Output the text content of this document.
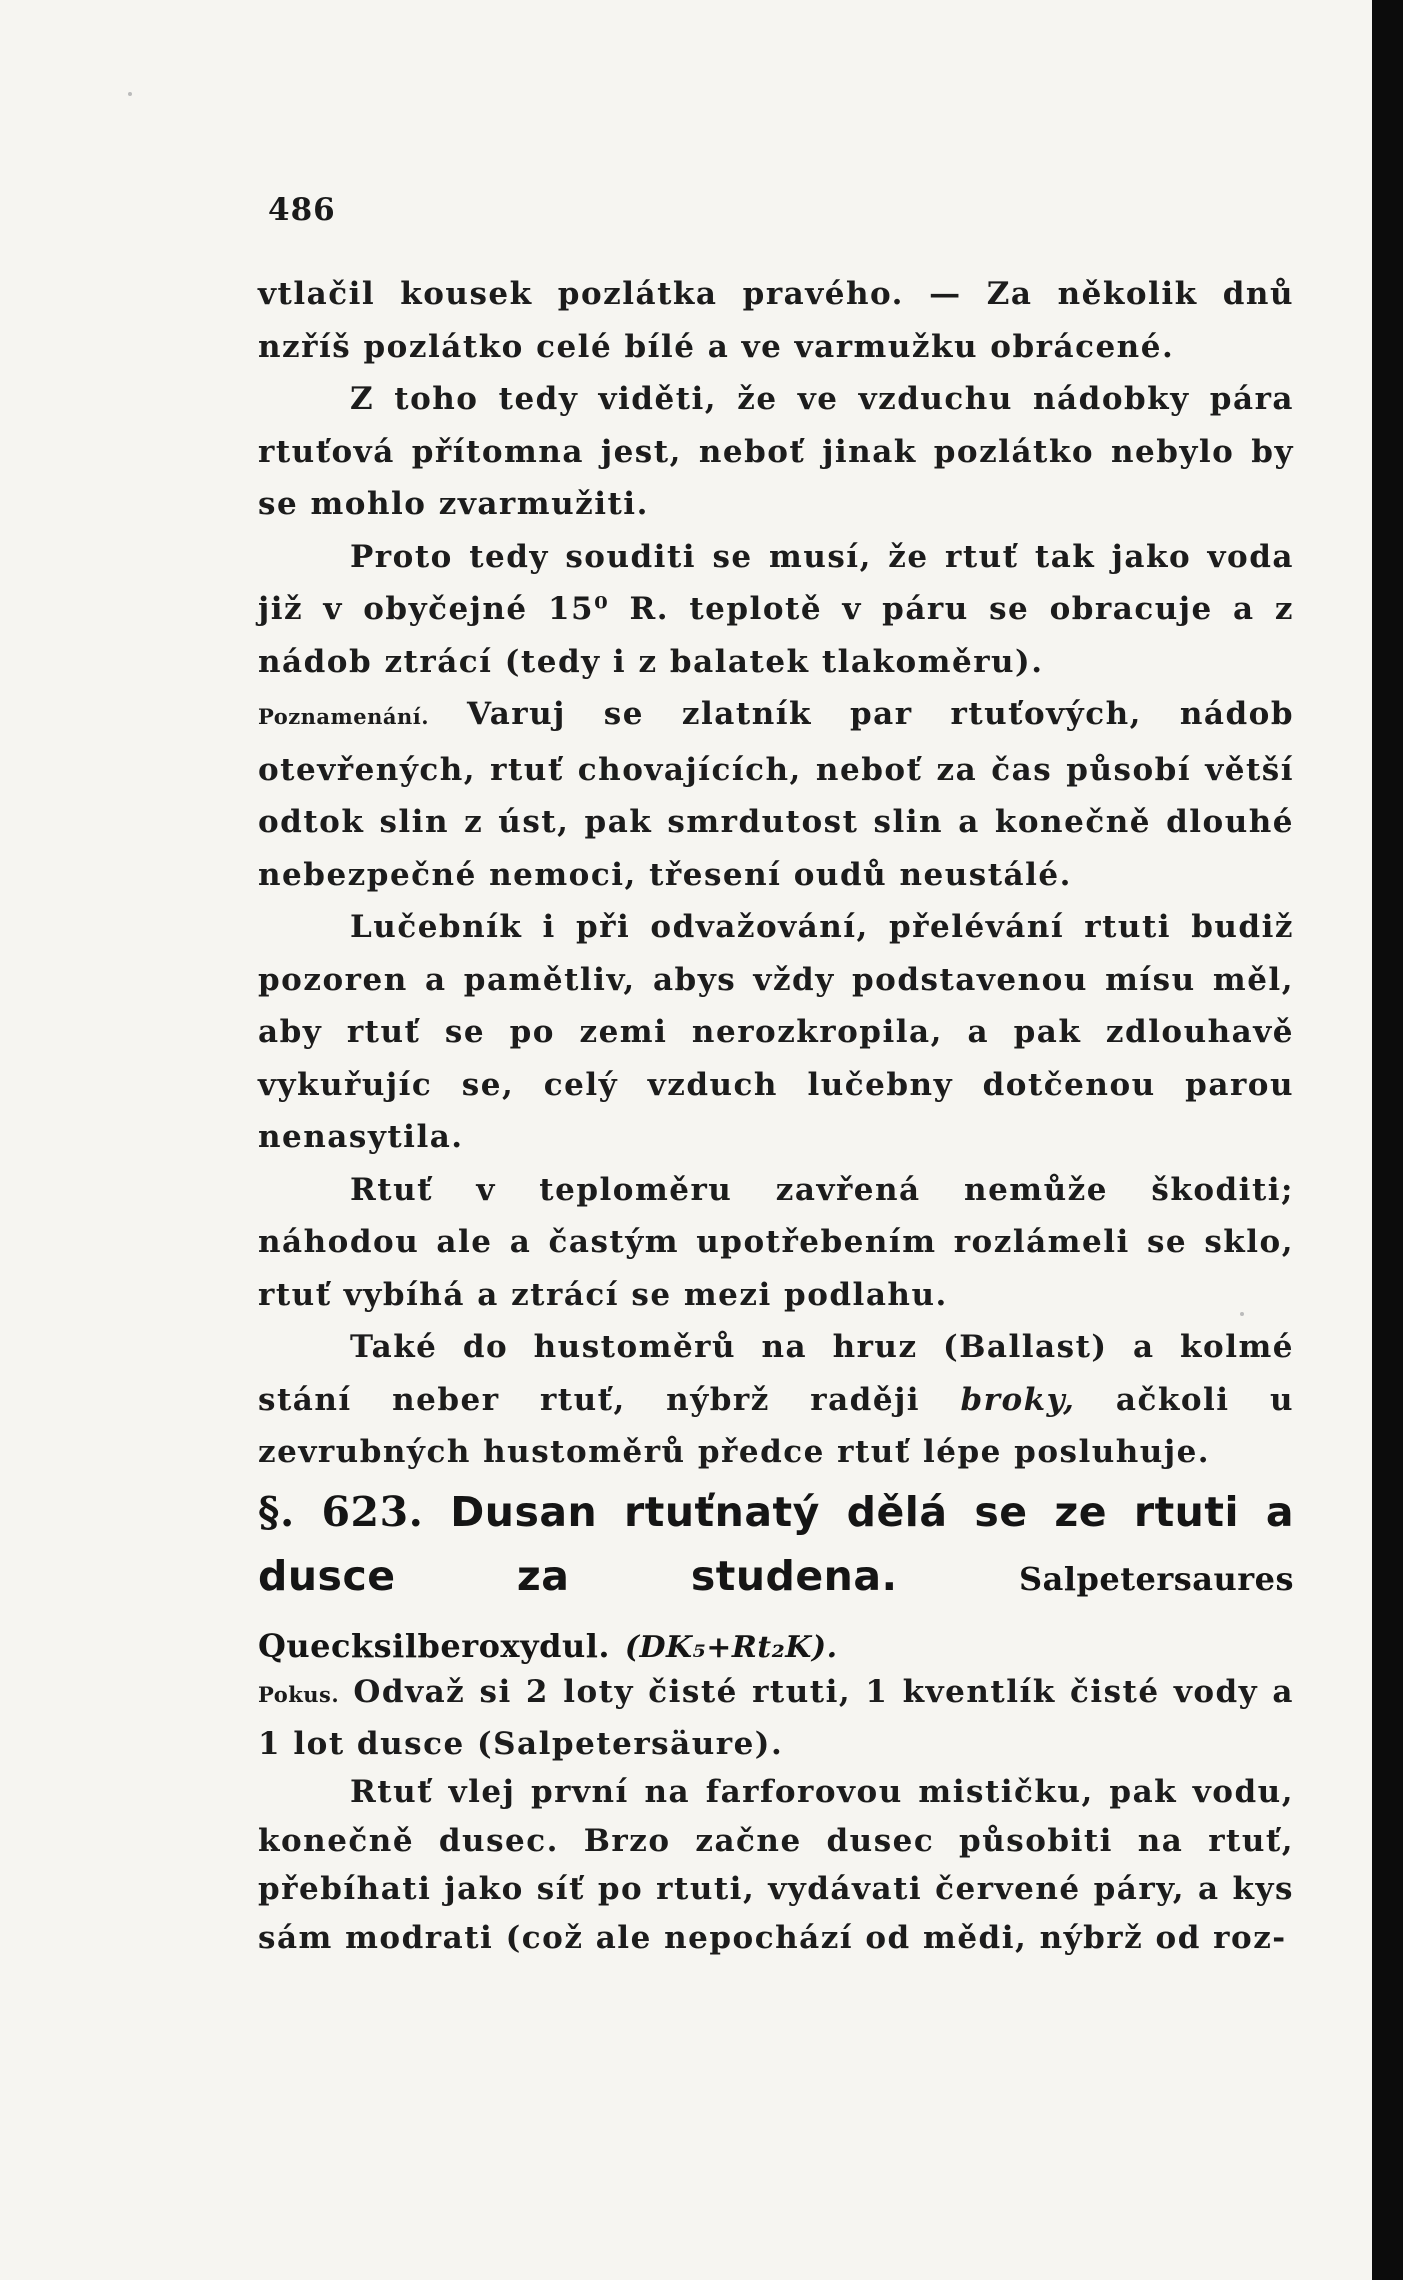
486

vtlačil kousek pozlátka pravého. — Za několik dnů nzříš pozlátko celé bílé a ve varmužku obrácené.

Z toho tedy viděti, že ve vzduchu nádobky pára rtuťová přítomna jest, neboť jinak pozlátko nebylo by se mohlo zvarmužiti.

Proto tedy souditi se musí, že rtuť tak jako voda již v obyčejné 15⁰ R. teplotě v páru se obracuje a z nádob ztrácí (tedy i z balatek tlakoměru).

Poznamenání. Varuj se zlatník par rtuťových, nádob otevřených, rtuť chovajících, neboť za čas působí větší odtok slin z úst, pak smrdutost slin a konečně dlouhé nebezpečné nemoci, třesení oudů neustálé.

Lučebník i při odvažování, přelévání rtuti budiž pozoren a pamětliv, abys vždy podstavenou mísu měl, aby rtuť se po zemi nerozkropila, a pak zdlouhavě vykuřujíc se, celý vzduch lučebny dotčenou parou nenasytila.

Rtuť v teploměru zavřená nemůže škoditi; náhodou ale a častým upotřebením rozlámeli se sklo, rtuť vybíhá a ztrácí se mezi podlahu.

Také do hustoměrů na hruz (Ballast) a kolmé stání neber rtuť, nýbrž raději broky, ačkoli u zevrubných hustoměrů předce rtuť lépe posluhuje.

§. 623. Dusan rtuťnatý dělá se ze rtuti a dusce za studena.	Salpetersaures Quecksilberoxydul. (DK₅+Rt₂K).

Pokus. Odvaž si 2 loty čisté rtuti, 1 kventlík čisté vody a 1 lot dusce (Salpetersäure).

Rtuť vlej první na farforovou mističku, pak vodu, konečně dusec. Brzo začne dusec působiti na rtuť, přebíhati jako síť po rtuti, vydávati červené páry, a kys sám modrati (což ale nepochází od mědi, nýbrž od roz-
